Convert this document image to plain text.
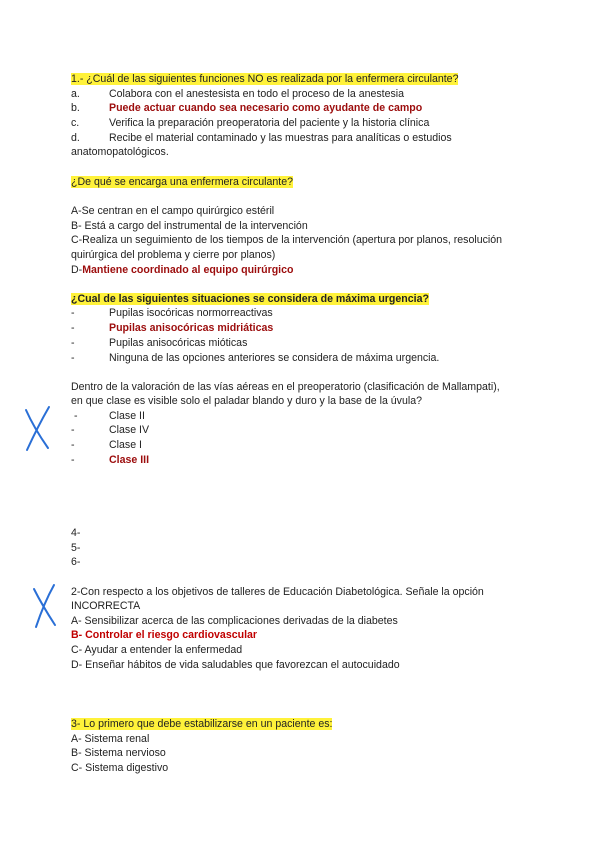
1.- ¿Cuál de las siguientes funciones NO es realizada por la enfermera circulante?
a.	Colabora con el anestesista en todo el proceso de la anestesia
b.	Puede actuar cuando sea necesario como ayudante de campo
c.	Verifica la preparación preoperatoria del paciente y la historia clínica
d.	Recibe el material contaminado y las muestras para analíticas o estudios
anatomopatológicos.
¿De qué se encarga una enfermera circulante?
A-Se centran en el campo quirúrgico estéril
B- Está a cargo del instrumental de la intervención
C-Realiza un seguimiento de los tiempos de la intervención (apertura por planos, resolución
quirúrgica del problema y cierre por planos)
D-Mantiene coordinado al equipo quirúrgico
¿Cual de las siguientes situaciones se considera de máxima urgencia?
-	Pupilas isocóricas normorreactivas
-	Pupilas anisocóricas midriáticas
-	Pupilas anisocóricas mióticas
-	Ninguna de las opciones anteriores se considera de máxima urgencia.
Dentro de la valoración de las vías aéreas en el preoperatorio (clasificación de Mallampati),
en que clase es visible solo el paladar blando y duro y la base de la úvula?
-	Clase II
-	Clase IV
-	Clase I
-	Clase III
4-
5-
6-
2-Con respecto a los objetivos de talleres de Educación Diabetológica. Señale la opción
INCORRECTA
A- Sensibilizar acerca de las complicaciones derivadas de la diabetes
B- Controlar el riesgo cardiovascular
C- Ayudar a entender la enfermedad
D- Enseñar hábitos de vida saludables que favorezcan el autocuidado
3- Lo primero que debe estabilizarse en un paciente es:
A- Sistema renal
B- Sistema nervioso
C- Sistema digestivo
